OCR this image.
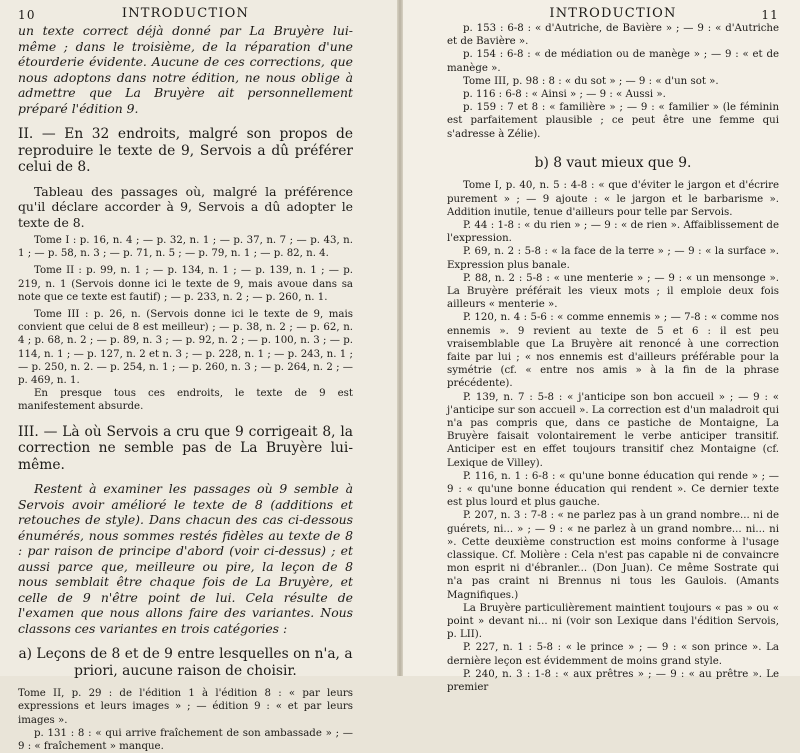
10	INTRODUCTION

un texte correct déjà donné par La Bruyère lui-même ; dans le troisième, de la réparation d'une étourderie évidente. Aucune de ces corrections, que nous adoptons dans notre édition, ne nous oblige à admettre que La Bruyère ait personnellement préparé l'édition 9.

II. — En 32 endroits, malgré son propos de reproduire le texte de 9, Servois a dû préférer celui de 8.

Tableau des passages où, malgré la préférence qu'il déclare accorder à 9, Servois a dû adopter le texte de 8.

Tome I : p. 16, n. 4 ; — p. 32, n. 1 ; — p. 37, n. 7 ; — p. 43, n. 1 ; — p. 58, n. 3 ; — p. 71, n. 5 ; — p. 79, n. 1 ; — p. 82, n. 4.

Tome II : p. 99, n. 1 ; — p. 134, n. 1 ; — p. 139, n. 1 ; — p. 219, n. 1 (Servois donne ici le texte de 9, mais avoue dans sa note que ce texte est fautif) ; — p. 233, n. 2 ; — p. 260, n. 1.

Tome III : p. 26, n. (Servois donne ici le texte de 9, mais convient que celui de 8 est meilleur) ; — p. 38, n. 2 ; — p. 62, n. 4 ; p. 68, n. 2 ; — p. 89, n. 3 ; — p. 92, n. 2 ; — p. 100, n. 3 ; — p. 114, n. 1 ; — p. 127, n. 2 et n. 3 ; — p. 228, n. 1 ; — p. 243, n. 1 ; — p. 250, n. 2. — p. 254, n. 1 ; — p. 260, n. 3 ; — p. 264, n. 2 ; — p. 469, n. 1.

En presque tous ces endroits, le texte de 9 est manifestement absurde.

III. — Là où Servois a cru que 9 corrigeait 8, la correction ne semble pas de La Bruyère lui-même.

Restent à examiner les passages où 9 semble à Servois avoir amélioré le texte de 8 (additions et retouches de style). Dans chacun des cas ci-dessous énumérés, nous sommes restés fidèles au texte de 8 : par raison de principe d'abord (voir ci-dessus) ; et aussi parce que, meilleure ou pire, la leçon de 8 nous semblait être chaque fois de La Bruyère, et celle de 9 n'être point de lui. Cela résulte de l'examen que nous allons faire des variantes. Nous classons ces variantes en trois catégories :

a) Leçons de 8 et de 9 entre lesquelles on n'a, a priori, aucune raison de choisir.

Tome II, p. 29 : de l'édition 1 à l'édition 8 : « par leurs expressions et leurs images » ; — édition 9 : « et par leurs images ».

p. 131 : 8 : « qui arrive fraîchement de son ambassade » ; — 9 : « fraîchement » manque.

INTRODUCTION	11

p. 153 : 6-8 : « d'Autriche, de Bavière » ; — 9 : « d'Autriche et de Bavière ».

p. 154 : 6-8 : « de médiation ou de manège » ; — 9 : « et de manège ».

Tome III, p. 98 : 8 : « du sot » ; — 9 : « d'un sot ».

p. 116 : 6-8 : « Ainsi » ; — 9 : « Aussi ».

p. 159 : 7 et 8 : « familière » ; — 9 : « familier » (le féminin est parfaitement plausible ; ce peut être une femme qui s'adresse à Zélie).

b) 8 vaut mieux que 9.

Tome I, p. 40, n. 5 : 4-8 : « que d'éviter le jargon et d'écrire purement » ; — 9 ajoute : « le jargon et le barbarisme ». Addition inutile, tenue d'ailleurs pour telle par Servois.

P. 44 : 1-8 : « du rien » ; — 9 : « de rien ». Affaiblissement de l'expression.

P. 69, n. 2 : 5-8 : « la face de la terre » ; — 9 : « la surface ». Expression plus banale.

P. 88, n. 2 : 5-8 : « une menterie » ; — 9 : « un mensonge ». La Bruyère préférait les vieux mots ; il emploie deux fois ailleurs « menterie ».

P. 120, n. 4 : 5-6 : « comme ennemis » ; — 7-8 : « comme nos ennemis ». 9 revient au texte de 5 et 6 : il est peu vraisemblable que La Bruyère ait renoncé à une correction faite par lui ; « nos ennemis est d'ailleurs préférable pour la symétrie (cf. « entre nos amis » à la fin de la phrase précédente).

P. 139, n. 7 : 5-8 : « j'anticipe son bon accueil » ; — 9 : « j'anticipe sur son accueil ». La correction est d'un maladroit qui n'a pas compris que, dans ce pastiche de Montaigne, La Bruyère faisait volontairement le verbe anticiper transitif. Anticiper est en effet toujours transitif chez Montaigne (cf. Lexique de Villey).

P. 116, n. 1 : 6-8 : « qu'une bonne éducation qui rende » ; — 9 : « qu'une bonne éducation qui rendent ». Ce dernier texte est plus lourd et plus gauche.

P. 207, n. 3 : 7-8 : « ne parlez pas à un grand nombre... ni de guérets, ni... » ; — 9 : « ne parlez à un grand nombre... ni... ni ». Cette deuxième construction est moins conforme à l'usage classique. Cf. Molière : Cela n'est pas capable ni de convaincre mon esprit ni d'ébranler... (Don Juan). Ce même Sostrate qui n'a pas craint ni Brennus ni tous les Gaulois. (Amants Magnifiques.)

La Bruyère particulièrement maintient toujours « pas » ou « point » devant ni... ni (voir son Lexique dans l'édition Servois, p. LII).

P. 227, n. 1 : 5-8 : « le prince » ; — 9 : « son prince ». La dernière leçon est évidemment de moins grand style.

P. 240, n. 3 : 1-8 : « aux prêtres » ; — 9 : « au prêtre ». Le premier
